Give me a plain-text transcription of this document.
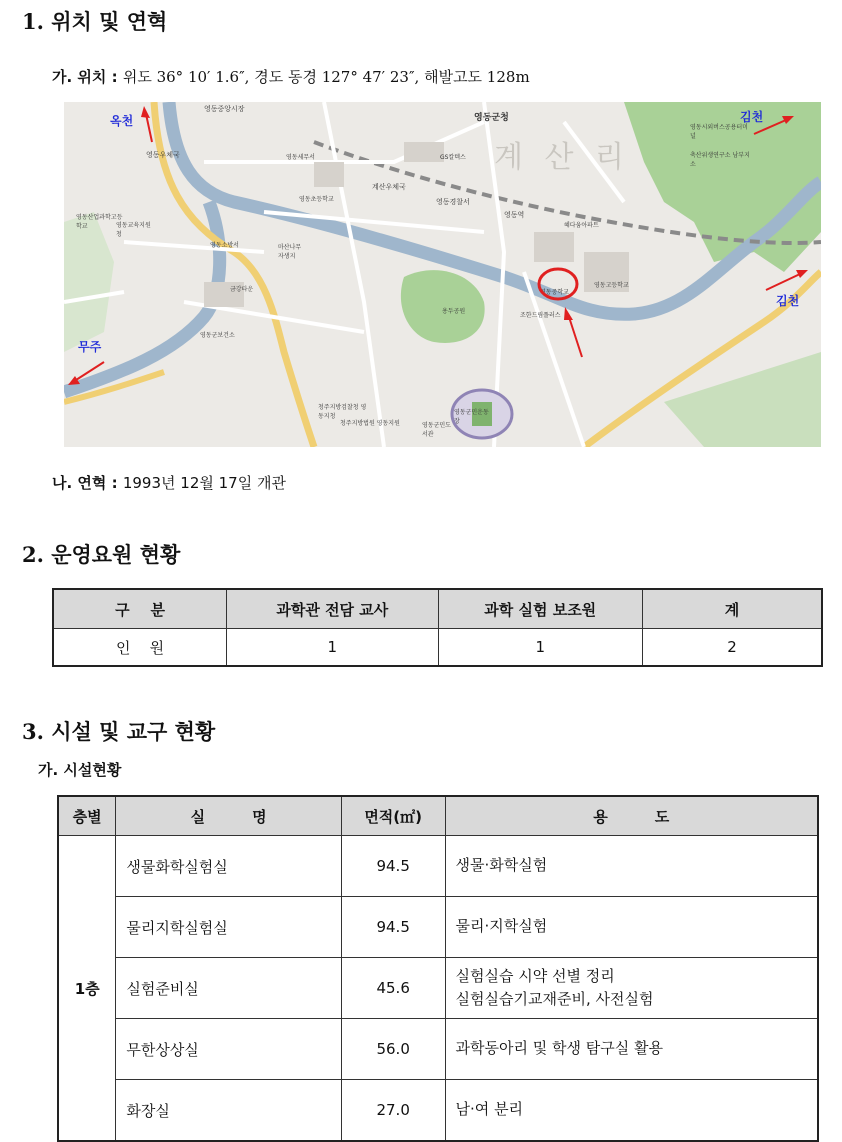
1. 위치 및 연혁
가. 위치 : 위도 36° 10′ 1.6″, 경도 동경 127° 47′ 23″, 해발고도 128m
영동군청
계 산 리
영동중앙시장
영동우체국
계산우체국
영동역
영동경찰서
영동중학교
영동고등학교
영동초등학교
영동산업과학고등학교	영동교육지원청
영동군보건소
영동군민운동장
용두공원
청주지방법원 영동지원
영동세무서
영동소방서
영동군민도서관
영동시외버스공용터미널
축산위생연구소 남부지소
혜다움아파트
조한드림플러스
금강타운
마산나무 자생지
청주지방검찰청 영동지청
GS칼텍스
옥천	김천
김천
무주
나. 연혁 : 1993년 12월 17일 개관
2. 운영요원 현황
구    분	과학관 전담 교사	과학 실험 보조원	계
인    원	1	1	2
3. 시설 및 교구 현황
가. 시설현황
층별	실         명	면적(㎡)	용         도
1층	생물화학실험실	94.5	생물·화학실험
	물리지학실험실	94.5	물리·지학실험
	실험준비실	45.6	실험실습 시약 선별 정리
실험실습기교재준비, 사전실험

	무한상상실	56.0	과학동아리 및 학생 탐구실 활용
	화장실	27.0	남·여 분리
